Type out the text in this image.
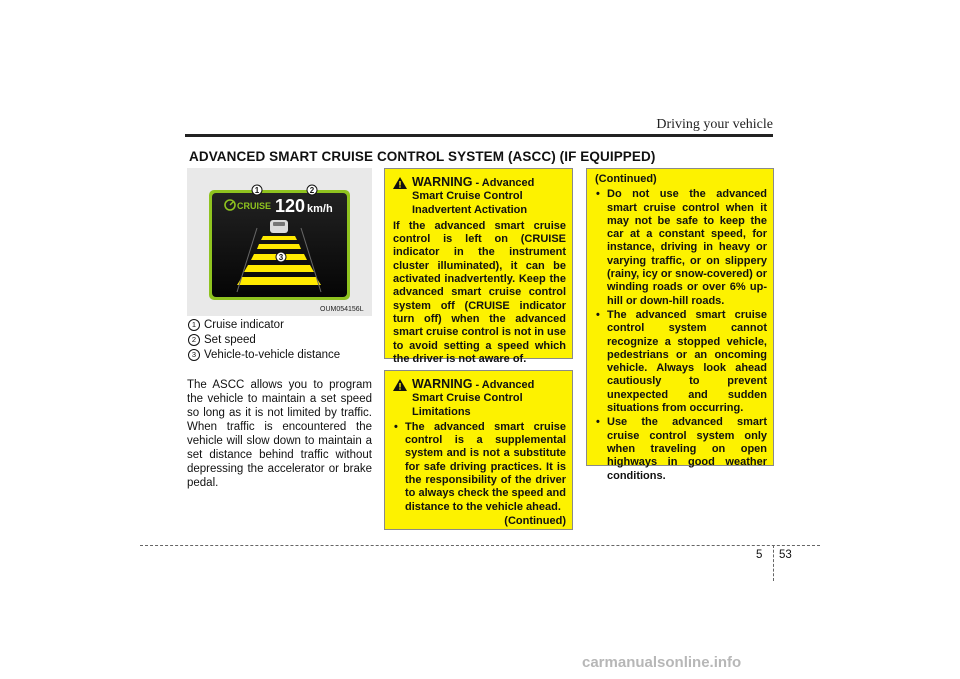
Driving your vehicle
ADVANCED SMART CRUISE CONTROL SYSTEM (ASCC) (IF EQUIPPED)
CRUISE 120 km/h
1	2
3
OUM054156L
1 Cruise indicator
2 Set speed
3 Vehicle-to-vehicle distance
The ASCC allows you to program the vehicle to maintain a set speed so long as it is not limited by traffic. When traffic is encountered the vehicle will slow down to maintain a set distance behind traffic without depressing the accelerator or brake pedal.
WARNING - Advanced
Smart Cruise Control Inadvertent Activation
If the advanced smart cruise control is left on (CRUISE indicator in the instrument cluster illuminated), it can be activated inadvertently. Keep the advanced smart cruise control system off (CRUISE indicator turn off) when the advanced smart cruise control is not in use to avoid setting a speed which the driver is not aware of.
WARNING - Advanced
Smart Cruise Control Limitations
• The advanced smart cruise control is a supplemental system and is not a substitute for safe driving practices. It is the responsibility of the driver to always check the speed and distance to the vehicle ahead.
(Continued)
(Continued)
• Do not use the advanced smart cruise control when it may not be safe to keep the car at a constant speed, for instance, driving in heavy or varying traffic, or on slippery (rainy, icy or snow-covered) or winding roads or over 6% up-hill or down-hill roads.
• The advanced smart cruise control system cannot recognize a stopped vehicle, pedestrians or an oncoming vehicle. Always look ahead cautiously to prevent unexpected and sudden situations from occurring.
• Use the advanced smart cruise control system only when traveling on open highways in good weather conditions.
5 53
carmanualsonline.info
